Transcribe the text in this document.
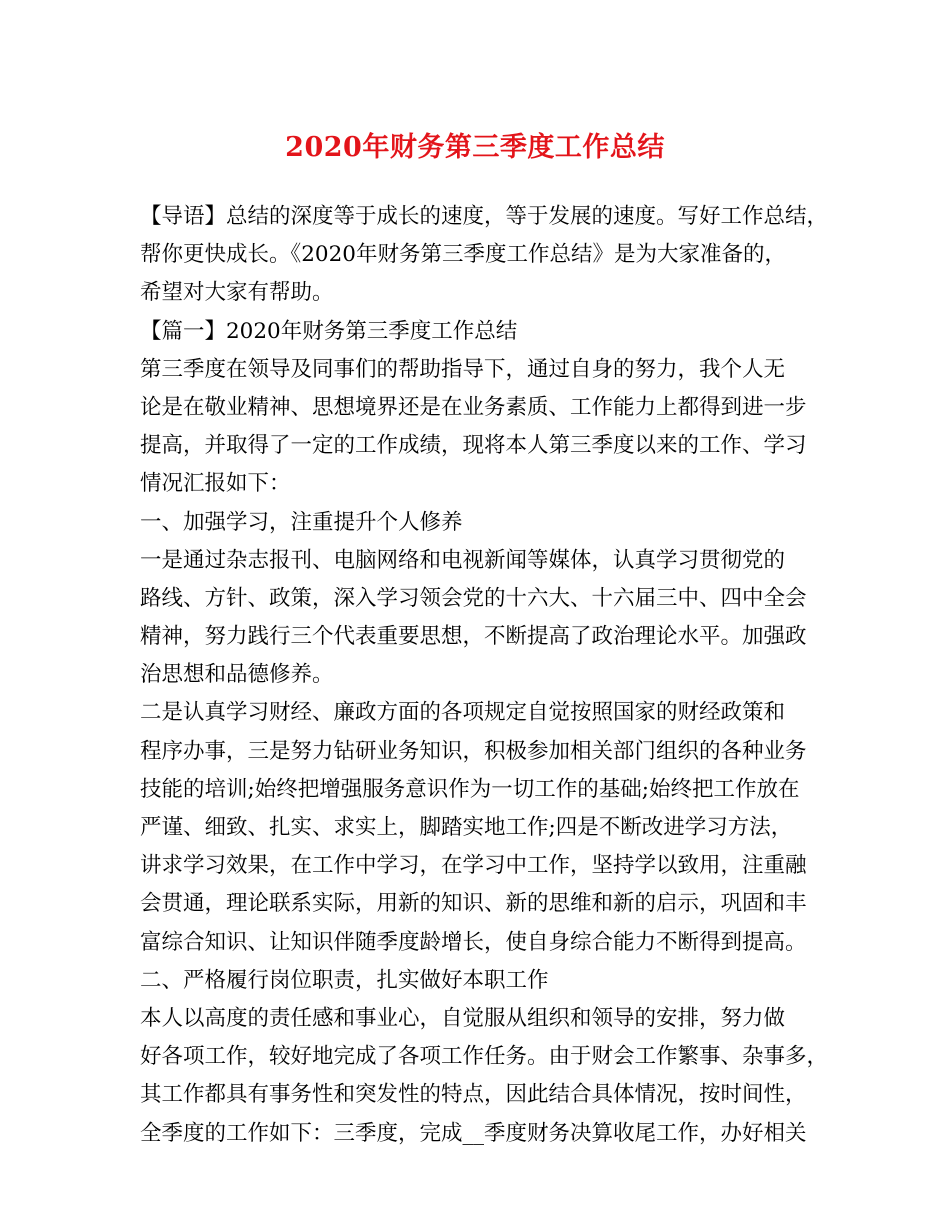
2020年财务第三季度工作总结
【导语】总结的深度等于成长的速度，等于发展的速度。写好工作总结，
帮你更快成长。《2020年财务第三季度工作总结》是为大家准备的，
希望对大家有帮助。
【篇一】2020年财务第三季度工作总结
第三季度在领导及同事们的帮助指导下，通过自身的努力，我个人无
论是在敬业精神、思想境界还是在业务素质、工作能力上都得到进一步
提高，并取得了一定的工作成绩，现将本人第三季度以来的工作、学习
情况汇报如下：
一、加强学习，注重提升个人修养
一是通过杂志报刊、电脑网络和电视新闻等媒体，认真学习贯彻党的
路线、方针、政策，深入学习领会党的十六大、十六届三中、四中全会
精神，努力践行三个代表重要思想，不断提高了政治理论水平。加强政
治思想和品德修养。
二是认真学习财经、廉政方面的各项规定自觉按照国家的财经政策和
程序办事，三是努力钻研业务知识，积极参加相关部门组织的各种业务
技能的培训;始终把增强服务意识作为一切工作的基础;始终把工作放在
严谨、细致、扎实、求实上，脚踏实地工作;四是不断改进学习方法，
讲求学习效果，在工作中学习，在学习中工作，坚持学以致用，注重融
会贯通，理论联系实际，用新的知识、新的思维和新的启示，巩固和丰
富综合知识、让知识伴随季度龄增长，使自身综合能力不断得到提高。
二、严格履行岗位职责，扎实做好本职工作
本人以高度的责任感和事业心，自觉服从组织和领导的安排，努力做
好各项工作，较好地完成了各项工作任务。由于财会工作繁事、杂事多，
其工作都具有事务性和突发性的特点，因此结合具体情况，按时间性，
全季度的工作如下：三季度，完成__季度财务决算收尾工作，办好相关
